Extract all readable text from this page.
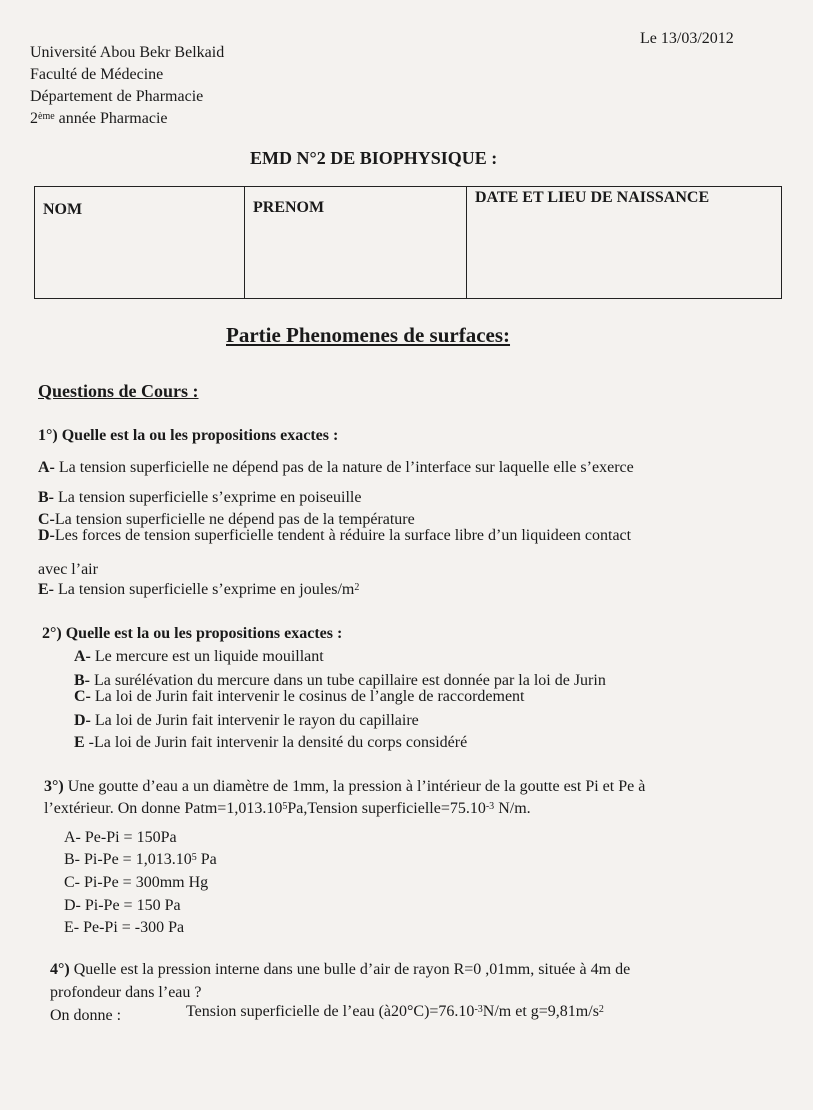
Université Abou Bekr Belkaid
Faculté de Médecine
Département de Pharmacie
2ème année Pharmacie
Le 13/03/2012
EMD N°2 DE BIOPHYSIQUE :
NOM	PRENOM
DATE ET LIEU DE NAISSANCE
Partie Phenomenes de surfaces:
Questions de Cours :
1°) Quelle est la ou les propositions exactes :
A- La tension superficielle ne dépend pas de la nature de l’interface sur laquelle elle s’exerce
B- La tension superficielle s’exprime en poiseuille
C-La tension superficielle ne dépend pas de la température
D-Les forces de tension superficielle tendent à réduire la surface libre d’un liquideen contact
avec l’air
E- La tension superficielle s’exprime en joules/$m^2$
2°) Quelle est la ou les propositions exactes :
A- Le mercure est un liquide mouillant
B- La surélévation du mercure dans un tube capillaire est donnée par la loi de Jurin
C- La loi de Jurin fait intervenir le cosinus de l’angle de raccordement
D- La loi de Jurin fait intervenir le rayon du capillaire
E -La loi de Jurin fait intervenir la densité du corps considéré
3°) Une goutte d’eau a un diamètre de 1mm, la pression à l’intérieur de la goutte est Pi et Pe à
l’extérieur. On donne $Patm=1,013.10^5Pa,Tension$ $superficielle=75.10^{-3}$ N/m.
A- Pe-Pi = 150Pa
B- $Pi-Pe = 1,013.10^5$ Pa
C- Pi-Pe = 300mm Hg
D- Pi-Pe = 150 Pa
E- Pe-Pi = -300 Pa
4°) Quelle est la pression interne dans une bulle d’air de rayon R=0 ,01mm, située à 4m de
profondeur dans l’eau ?
On donne :	Tension superficielle de l’eau $(à20^\circ C)=76.10^{-3}N/m$ et $g=9,81m/s^2$
